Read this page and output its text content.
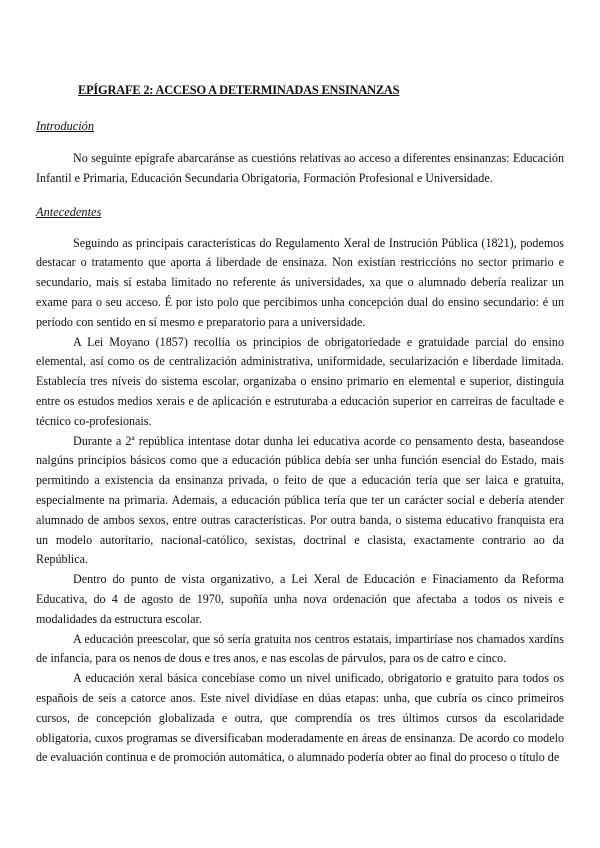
EPÍGRAFE 2: ACCESO A DETERMINADAS ENSINANZAS
Introdución

No seguinte epígrafe abarcaránse as cuestións relativas ao acceso a diferentes ensinanzas: Educación Infantil e Primaria, Educación Secundaria Obrigatoria, Formación Profesional e Universidade.

Antecedentes

Seguindo as principais características do Regulamento Xeral de Instrución Pública (1821), podemos destacar o tratamento que aporta á liberdade de ensinaza. Non existían restriccións no sector primario e secundario, mais sí estaba limitado no referente ás universidades, xa que o alumnado debería realizar un exame para o seu acceso. É por isto polo que percibimos unha concepción dual do ensino secundario: é un período con sentido en sí mesmo e preparatorio para a universidade.

A Lei Moyano (1857) recollía os principios de obrigatoriedade e gratuidade parcial do ensino elemental, así como os de centralización administrativa, uniformidade, secularización e liberdade limitada. Establecía tres níveis do sistema escolar, organizaba o ensino primario en elemental e superior, distinguía entre os estudos medios xerais e de aplicación e estruturaba a educación superior en carreiras de facultade e técnico co-profesionais.

Durante a 2ª república intentase dotar dunha lei educativa acorde co pensamento desta, baseandose nalgúns principios básicos como que a educación pública debía ser unha función esencial do Estado, mais permitindo a existencia da ensinanza privada, o feito de que a educación tería que ser laica e gratuita, especialmente na primaria. Ademais, a educación pública tería que ter un carácter social e debería atender alumnado de ambos sexos, entre outras características. Por outra banda, o sistema educativo franquista era un modelo autoritario, nacional-católico, sexistas, doctrinal e clasista, exactamente contrario ao da República.

Dentro do punto de vista organizativo, a Lei Xeral de Educación e Finaciamento da Reforma Educativa, do 4 de agosto de 1970, supoñía unha nova ordenación que afectaba a todos os niveis e modalidades da estructura escolar.

A educación preescolar, que só sería gratuita nos centros estatais, impartiríase nos chamados xardíns de infancia, para os nenos de dous e tres anos, e nas escolas de párvulos, para os de catro e cinco.

A educación xeral básica concebíase como un nivel unificado, obrigatorio e gratuito para todos os españois de seis a catorce anos. Este nivel dividíase en dúas etapas: unha, que cubría os cinco primeiros cursos, de concepción globalizada e outra, que comprendía os tres últimos cursos da escolaridade obligatoria, cuxos programas se diversificaban moderadamente en áreas de ensinanza. De acordo co modelo de evaluación continua e de promoción automática, o alumnado podería obter ao final do proceso o título de
